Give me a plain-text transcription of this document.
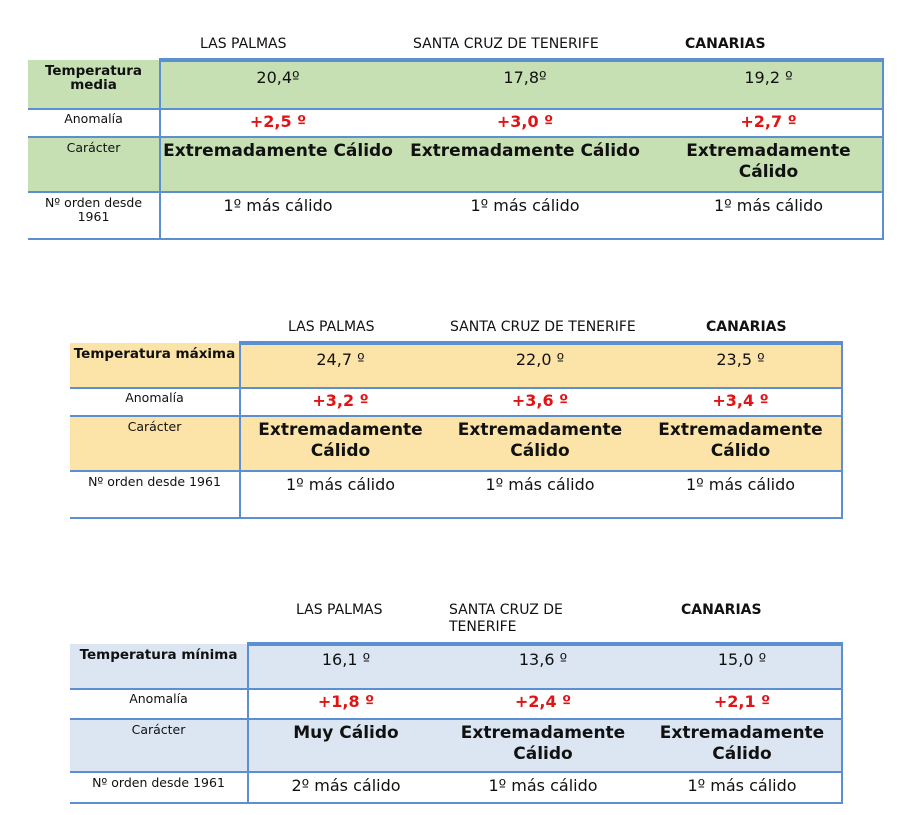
	LAS PALMAS	SANTA CRUZ DE TENERIFE	CANARIAS
Temperatura media	20,4º	17,8º	19,2 º
Anomalía	+2,5 º	+3,0 º	+2,7 º
Carácter	Extremadamente Cálido	Extremadamente Cálido	Extremadamente Cálido
Nº orden desde 1961	1º más cálido	1º más cálido	1º más cálido
	LAS PALMAS	SANTA CRUZ DE TENERIFE	CANARIAS
Temperatura máxima	24,7 º	22,0 º	23,5 º
Anomalía	+3,2 º	+3,6 º	+3,4 º
Carácter	Extremadamente Cálido	Extremadamente Cálido	Extremadamente Cálido
Nº orden desde 1961	1º más cálido	1º más cálido	1º más cálido
	LAS PALMAS	SANTA CRUZ DE TENERIFE	CANARIAS
Temperatura mínima	16,1 º	13,6 º	15,0 º
Anomalía	+1,8 º	+2,4 º	+2,1 º
Carácter	Muy Cálido	Extremadamente Cálido	Extremadamente Cálido
Nº orden desde 1961	2º más cálido	1º más cálido	1º más cálido
